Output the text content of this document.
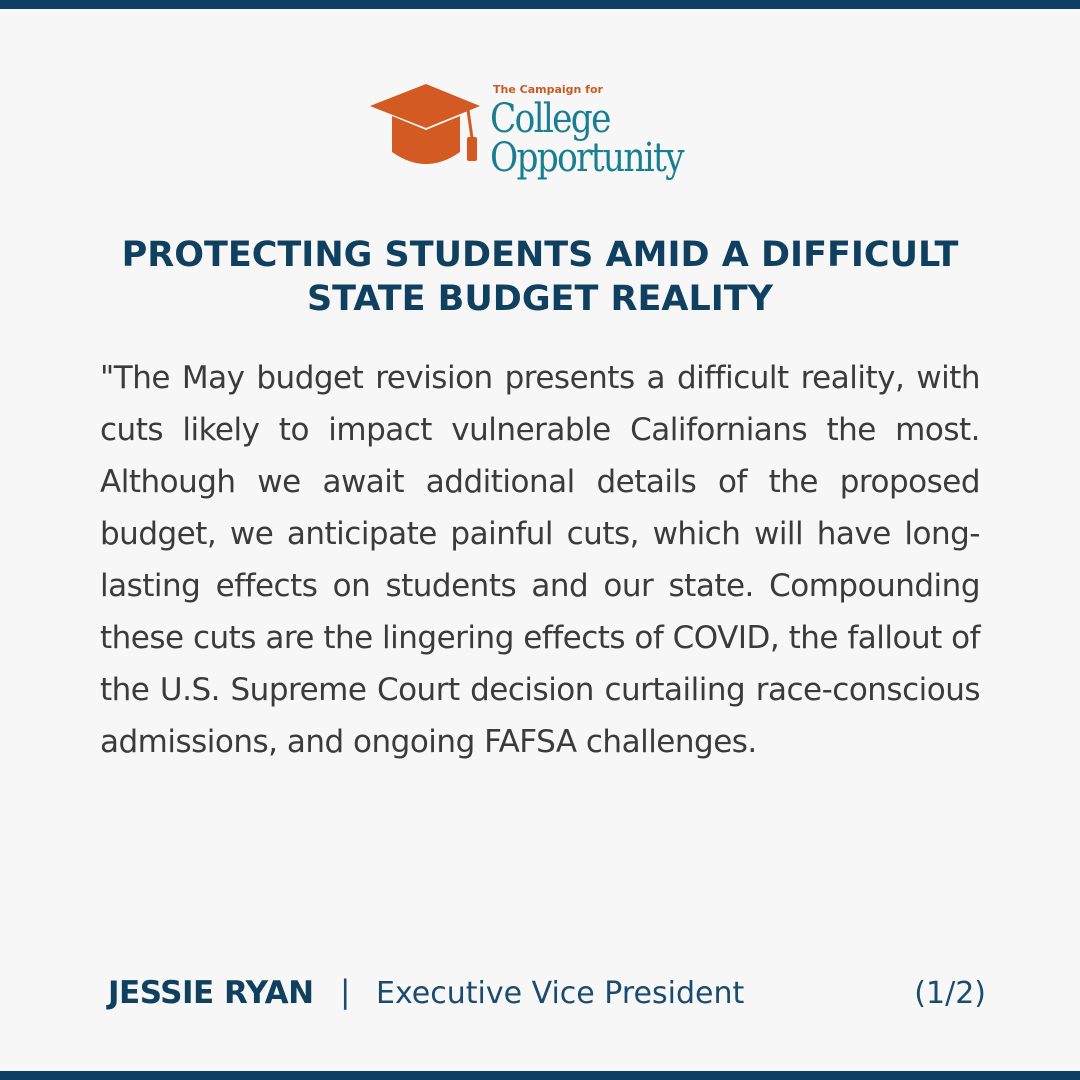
The Campaign for
College
Opportunity
PROTECTING STUDENTS AMID A DIFFICULT STATE BUDGET REALITY

"The May budget revision presents a difficult reality, with cuts likely to impact vulnerable Californians the most. Although we await additional details of the proposed budget, we anticipate painful cuts, which will have long-lasting effects on students and our state. Compounding these cuts are the lingering effects of COVID, the fallout of the U.S. Supreme Court decision curtailing race-conscious admissions, and ongoing FAFSA challenges.

JESSIE RYAN | Executive Vice President	(1/2)
